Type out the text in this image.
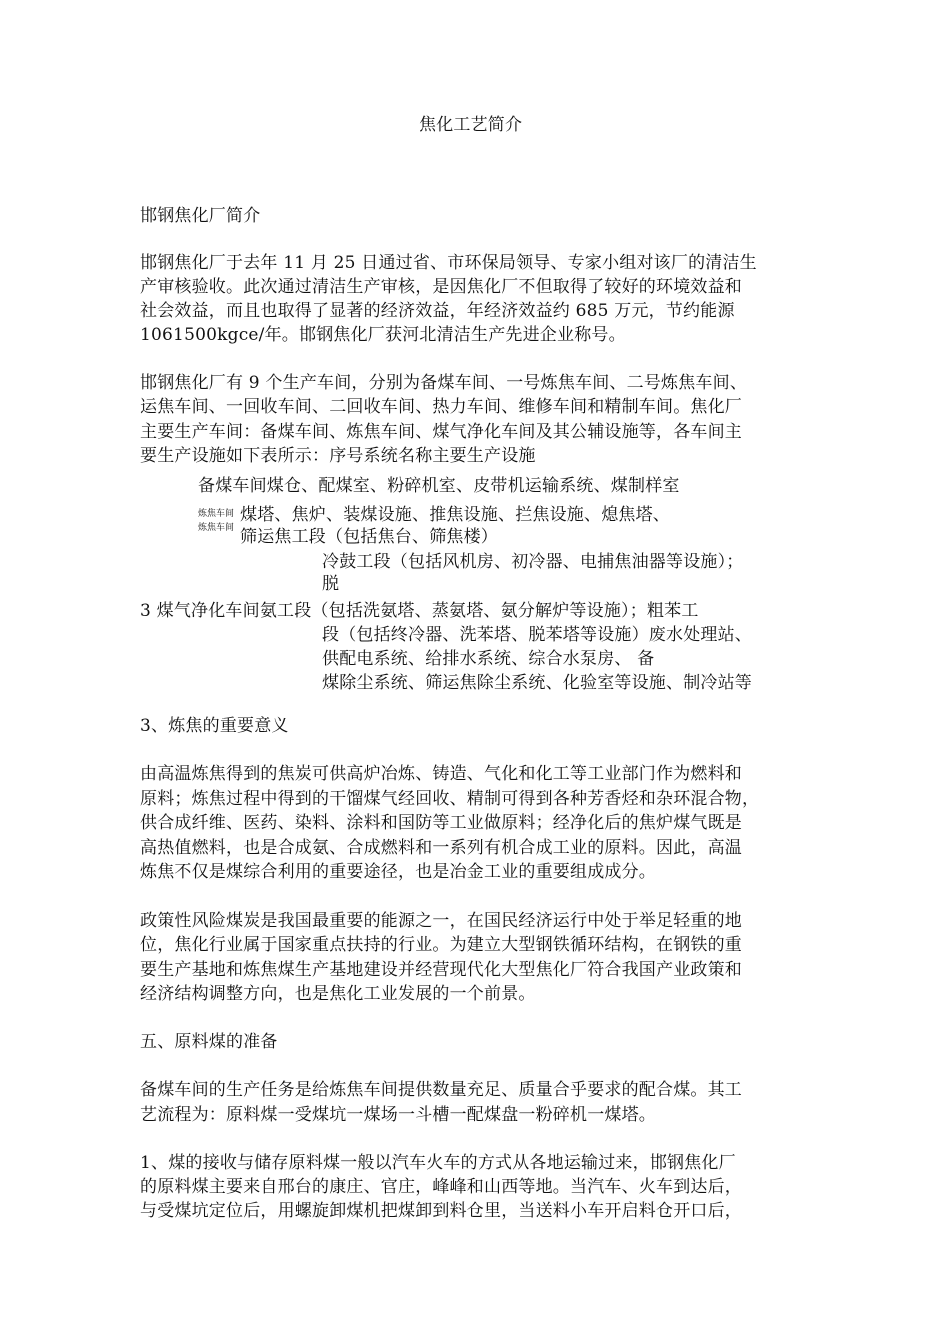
焦化工艺简介

邯钢焦化厂简介

邯钢焦化厂于去年 11 月 25 日通过省、市环保局领导、专家小组对该厂的清洁生

产审核验收。此次通过清洁生产审核，是因焦化厂不但取得了较好的环境效益和

社会效益，而且也取得了显著的经济效益，年经济效益约 685 万元，节约能源

1061500kgce/年。邯钢焦化厂获河北清洁生产先进企业称号。

邯钢焦化厂有 9 个生产车间，分别为备煤车间、一号炼焦车间、二号炼焦车间、

运焦车间、一回收车间、二回收车间、热力车间、维修车间和精制车间。焦化厂

主要生产车间：备煤车间、炼焦车间、煤气净化车间及其公辅设施等，各车间主

要生产设施如下表所示：序号系统名称主要生产设施

备煤车间煤仓、配煤室、粉碎机室、皮带机运输系统、煤制样室

炼焦车间

炼焦车间

煤塔、焦炉、装煤设施、推焦设施、拦焦设施、熄焦塔、

筛运焦工段（包括焦台、筛焦楼）

冷鼓工段（包括风机房、初冷器、电捕焦油器等设施）；

脱

3 煤气净化车间氨工段（包括洗氨塔、蒸氨塔、氨分解炉等设施）；粗苯工

段（包括终冷器、洗苯塔、脱苯塔等设施）废水处理站、

供配电系统、给排水系统、综合水泵房、 备

煤除尘系统、筛运焦除尘系统、化验室等设施、制冷站等

3、炼焦的重要意义

由高温炼焦得到的焦炭可供高炉冶炼、铸造、气化和化工等工业部门作为燃料和

原料；炼焦过程中得到的干馏煤气经回收、精制可得到各种芳香烃和杂环混合物，

供合成纤维、医药、染料、涂料和国防等工业做原料；经净化后的焦炉煤气既是

高热值燃料，也是合成氨、合成燃料和一系列有机合成工业的原料。因此，高温

炼焦不仅是煤综合利用的重要途径，也是冶金工业的重要组成成分。

政策性风险煤炭是我国最重要的能源之一，在国民经济运行中处于举足轻重的地

位，焦化行业属于国家重点扶持的行业。为建立大型钢铁循环结构，在钢铁的重

要生产基地和炼焦煤生产基地建设并经营现代化大型焦化厂符合我国产业政策和

经济结构调整方向，也是焦化工业发展的一个前景。

五、原料煤的准备

备煤车间的生产任务是给炼焦车间提供数量充足、质量合乎要求的配合煤。其工

艺流程为：原料煤一受煤坑一煤场一斗槽一配煤盘一粉碎机一煤塔。

1、煤的接收与储存原料煤一般以汽车火车的方式从各地运输过来，邯钢焦化厂

的原料煤主要来自邢台的康庄、官庄，峰峰和山西等地。当汽车、火车到达后，

与受煤坑定位后，用螺旋卸煤机把煤卸到料仓里，当送料小车开启料仓开口后，
